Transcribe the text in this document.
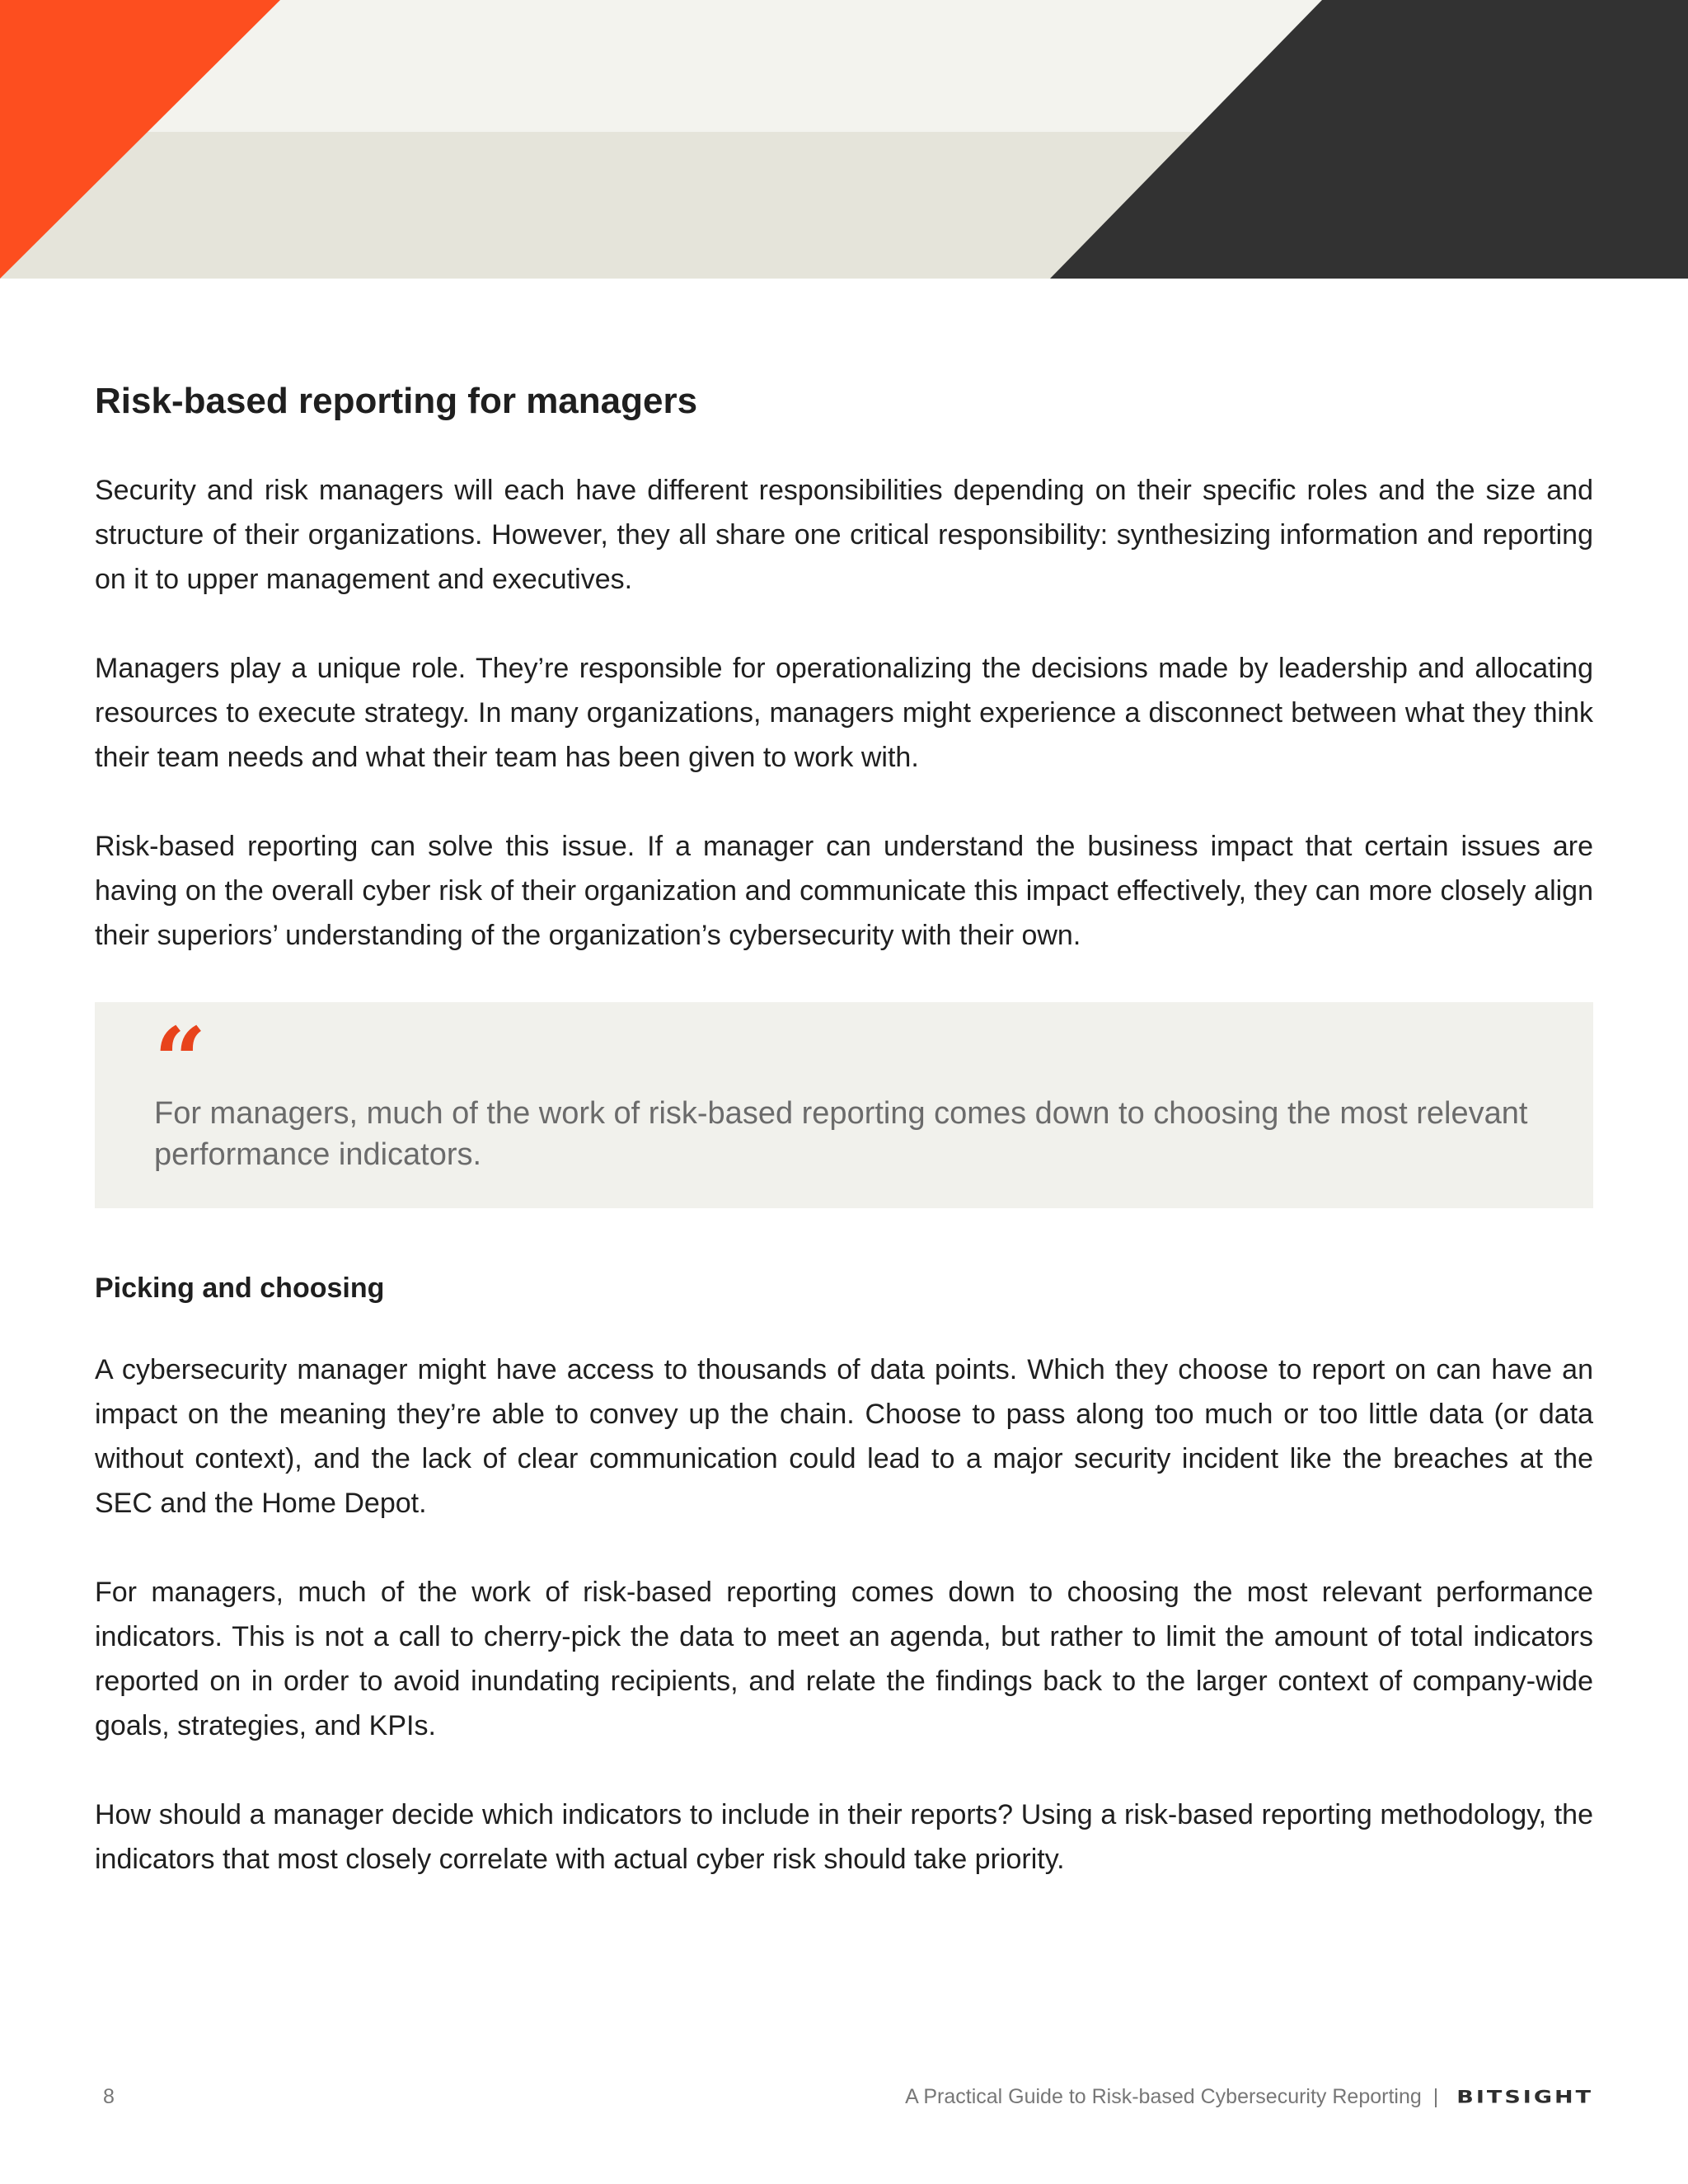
Risk-based reporting for managers

Security and risk managers will each have different responsibilities depending on their specific roles and the size and structure of their organizations. However, they all share one critical responsibility: synthesizing information and reporting on it to upper management and executives.

Managers play a unique role. They’re responsible for operationalizing the decisions made by leadership and allocating resources to execute strategy. In many organizations, managers might experience a disconnect between what they think their team needs and what their team has been given to work with.

Risk-based reporting can solve this issue. If a manager can understand the business impact that certain issues are having on the overall cyber risk of their organization and communicate this impact effectively, they can more closely align their superiors’ understanding of the organization’s cybersecurity with their own.

“
For managers, much of the work of risk-based reporting comes down to choosing the most relevant performance indicators.
Picking and choosing

A cybersecurity manager might have access to thousands of data points. Which they choose to report on can have an impact on the meaning they’re able to convey up the chain. Choose to pass along too much or too little data (or data without context), and the lack of clear communication could lead to a major security incident like the breaches at the SEC and the Home Depot.

For managers, much of the work of risk-based reporting comes down to choosing the most relevant performance indicators. This is not a call to cherry-pick the data to meet an agenda, but rather to limit the amount of total indicators reported on in order to avoid inundating recipients, and relate the findings back to the larger context of company-wide goals, strategies, and KPIs.

How should a manager decide which indicators to include in their reports? Using a risk-based reporting methodology, the indicators that most closely correlate with actual cyber risk should take priority.

8	A Practical Guide to Risk-based Cybersecurity Reporting | BITSIGHT
